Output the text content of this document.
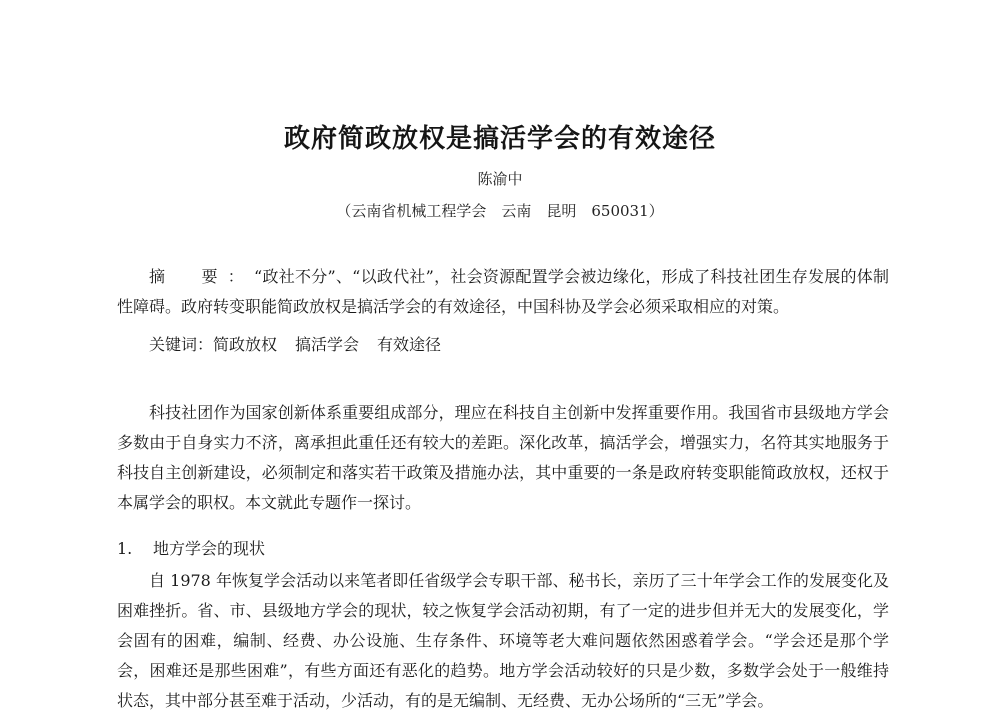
政府简政放权是搞活学会的有效途径
陈渝中
（云南省机械工程学会　云南　昆明　650031）
摘　要：“政社不分”、“以政代社”，社会资源配置学会被边缘化，形成了科技社团生存发展的体制性障碍。政府转变职能简政放权是搞活学会的有效途径，中国科协及学会必须采取相应的对策。
关键词：简政放权 搞活学会 有效途径
科技社团作为国家创新体系重要组成部分，理应在科技自主创新中发挥重要作用。我国省市县级地方学会多数由于自身实力不济，离承担此重任还有较大的差距。深化改革，搞活学会，增强实力，名符其实地服务于科技自主创新建设，必须制定和落实若干政策及措施办法，其中重要的一条是政府转变职能简政放权，还权于本属学会的职权。本文就此专题作一探讨。
1. 地方学会的现状
自 1978 年恢复学会活动以来笔者即任省级学会专职干部、秘书长，亲历了三十年学会工作的发展变化及困难挫折。省、市、县级地方学会的现状，较之恢复学会活动初期，有了一定的进步但并无大的发展变化，学会固有的困难，编制、经费、办公设施、生存条件、环境等老大难问题依然困惑着学会。“学会还是那个学会，困难还是那些困难”，有些方面还有恶化的趋势。地方学会活动较好的只是少数，多数学会处于一般维持状态，其中部分甚至难于活动，少活动，有的是无编制、无经费、无办公场所的“三无”学会。
